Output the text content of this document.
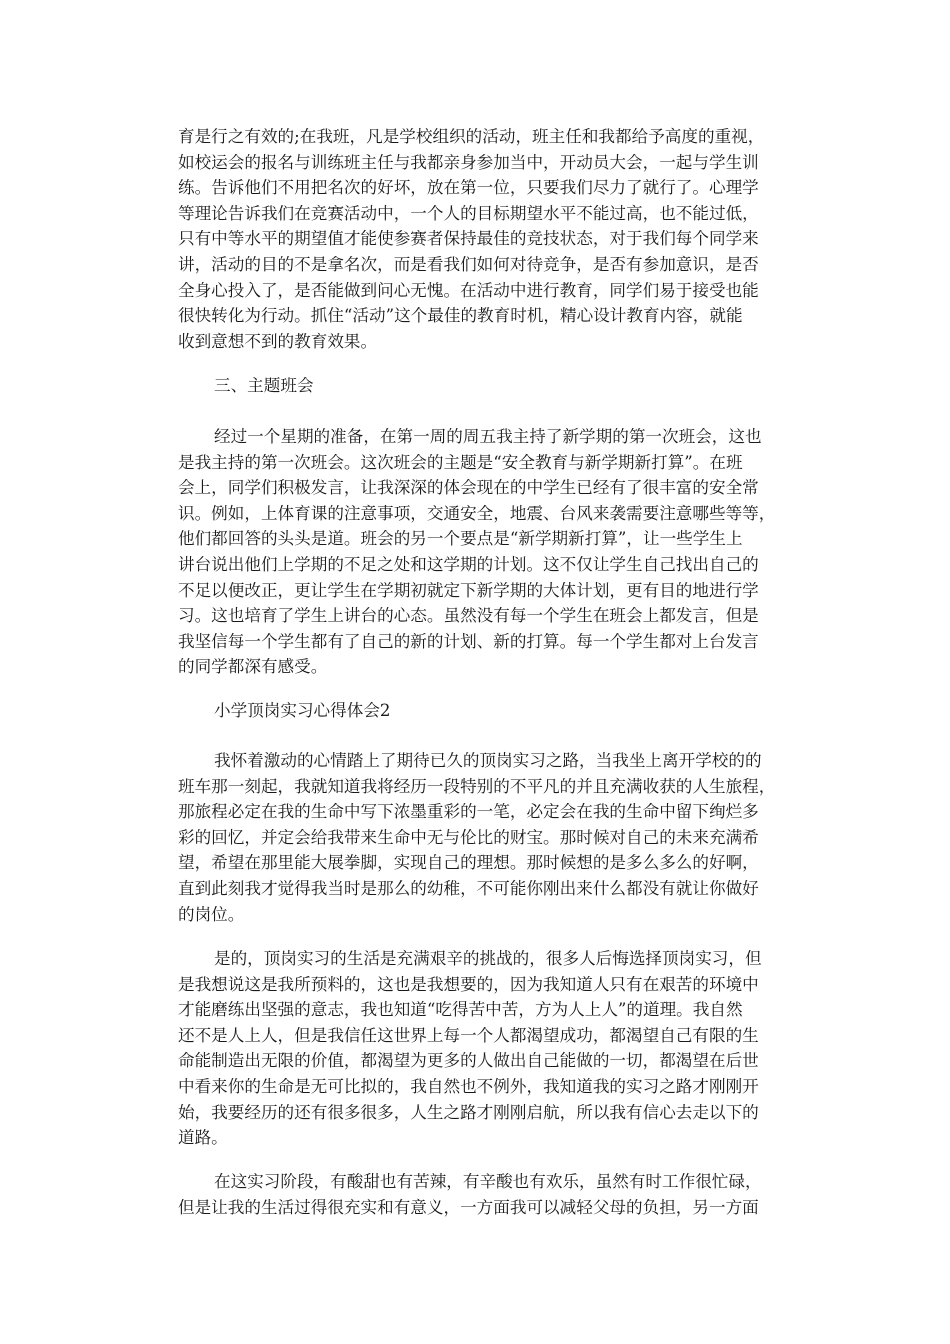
育是行之有效的;在我班，凡是学校组织的活动，班主任和我都给予高度的重视，
如校运会的报名与训练班主任与我都亲身参加当中，开动员大会，一起与学生训
练。告诉他们不用把名次的好坏，放在第一位，只要我们尽力了就行了。心理学
等理论告诉我们在竞赛活动中，一个人的目标期望水平不能过高，也不能过低，
只有中等水平的期望值才能使参赛者保持最佳的竞技状态，对于我们每个同学来
讲，活动的目的不是拿名次，而是看我们如何对待竞争，是否有参加意识，是否
全身心投入了，是否能做到问心无愧。在活动中进行教育，同学们易于接受也能
很快转化为行动。抓住“活动”这个最佳的教育时机，精心设计教育内容，就能
收到意想不到的教育效果。
三、主题班会
经过一个星期的准备，在第一周的周五我主持了新学期的第一次班会，这也
是我主持的第一次班会。这次班会的主题是“安全教育与新学期新打算”。在班
会上，同学们积极发言，让我深深的体会现在的中学生已经有了很丰富的安全常
识。例如，上体育课的注意事项，交通安全，地震、台风来袭需要注意哪些等等，
他们都回答的头头是道。班会的另一个要点是“新学期新打算”，让一些学生上
讲台说出他们上学期的不足之处和这学期的计划。这不仅让学生自己找出自己的
不足以便改正，更让学生在学期初就定下新学期的大体计划，更有目的地进行学
习。这也培育了学生上讲台的心态。虽然没有每一个学生在班会上都发言，但是
我坚信每一个学生都有了自己的新的计划、新的打算。每一个学生都对上台发言
的同学都深有感受。
小学顶岗实习心得体会2
我怀着激动的心情踏上了期待已久的顶岗实习之路，当我坐上离开学校的的
班车那一刻起，我就知道我将经历一段特别的不平凡的并且充满收获的人生旅程，
那旅程必定在我的生命中写下浓墨重彩的一笔，必定会在我的生命中留下绚烂多
彩的回忆，并定会给我带来生命中无与伦比的财宝。那时候对自己的未来充满希
望，希望在那里能大展拳脚，实现自己的理想。那时候想的是多么多么的好啊，
直到此刻我才觉得我当时是那么的幼稚，不可能你刚出来什么都没有就让你做好
的岗位。
是的，顶岗实习的生活是充满艰辛的挑战的，很多人后悔选择顶岗实习，但
是我想说这是我所预料的，这也是我想要的，因为我知道人只有在艰苦的环境中
才能磨练出坚强的意志，我也知道“吃得苦中苦，方为人上人”的道理。我自然
还不是人上人，但是我信任这世界上每一个人都渴望成功，都渴望自己有限的生
命能制造出无限的价值，都渴望为更多的人做出自己能做的一切，都渴望在后世
中看来你的生命是无可比拟的，我自然也不例外，我知道我的实习之路才刚刚开
始，我要经历的还有很多很多，人生之路才刚刚启航，所以我有信心去走以下的
道路。
在这实习阶段，有酸甜也有苦辣，有辛酸也有欢乐，虽然有时工作很忙碌，
但是让我的生活过得很充实和有意义，一方面我可以减轻父母的负担，另一方面
